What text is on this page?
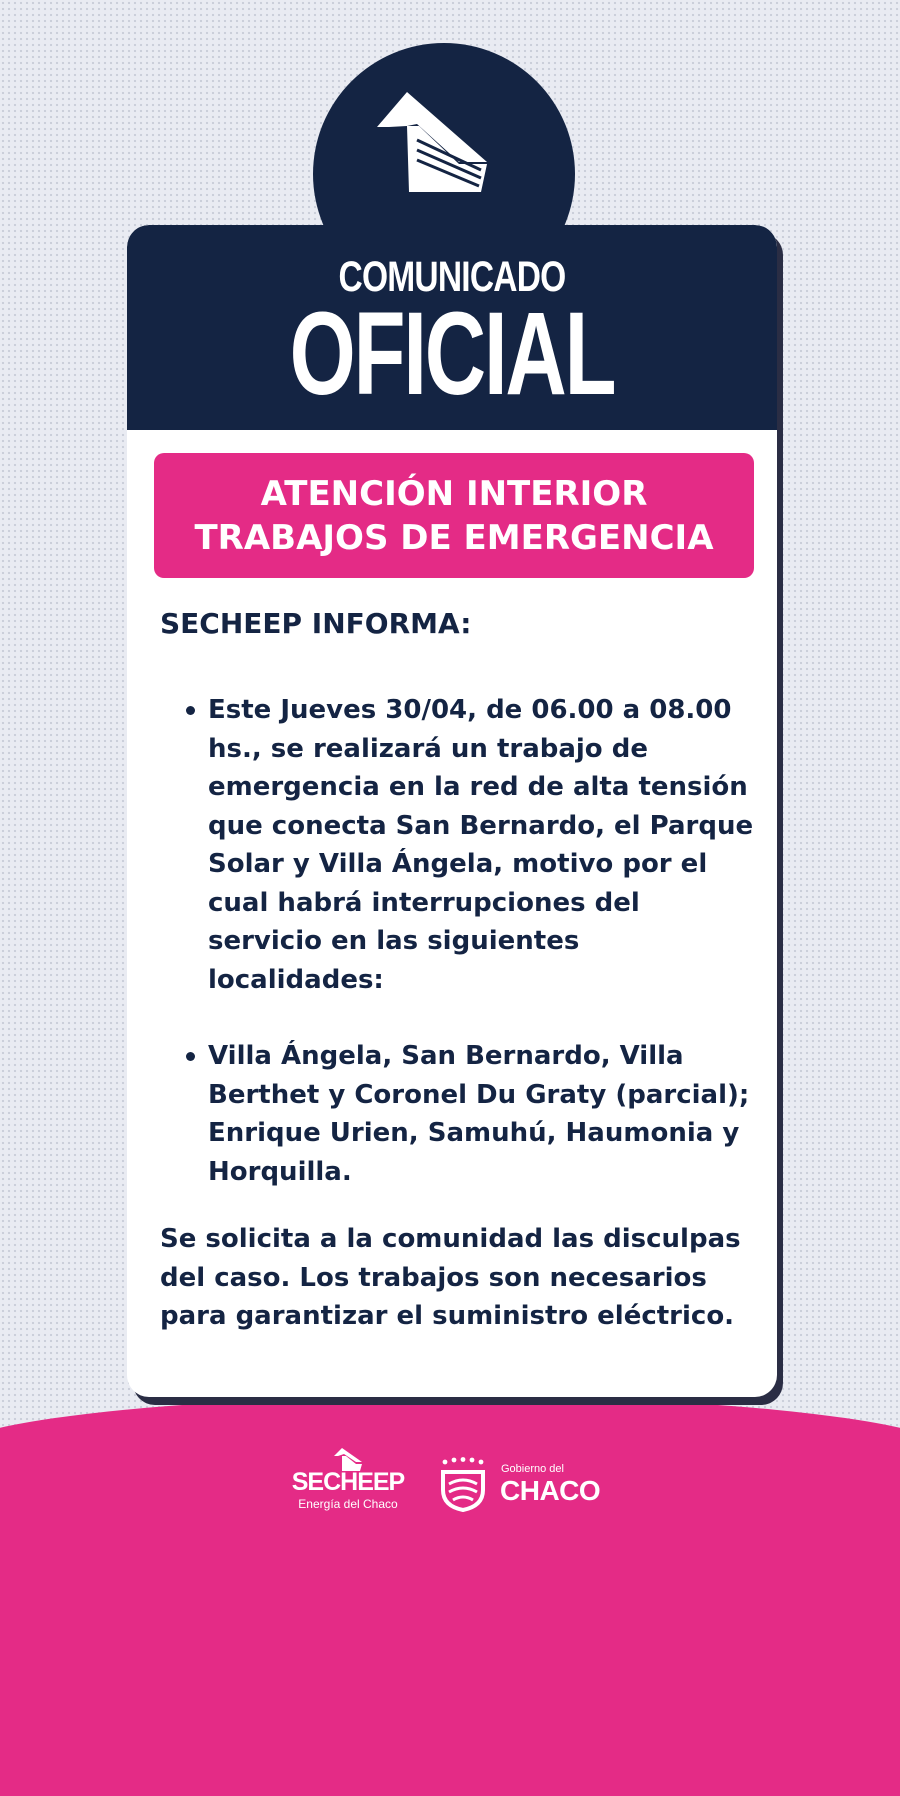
COMUNICADO
OFICIAL
ATENCIÓN INTERIOR
TRABAJOS DE EMERGENCIA
SECHEEP INFORMA:
Este Jueves 30/04, de 06.00 a 08.00 hs., se realizará un trabajo de emergencia en la red de alta tensión que conecta San Bernardo, el Parque Solar y Villa Ángela, motivo por el cual habrá interrupciones del servicio en las siguientes localidades:
Villa Ángela, San Bernardo, Villa Berthet y Coronel Du Graty (parcial); Enrique Urien, Samuhú, Haumonia y Horquilla.
Se solicita a la comunidad las disculpas del caso. Los trabajos son necesarios para garantizar el suministro eléctrico.
SECHEEP
Energía del Chaco
Gobierno del
CHACO
